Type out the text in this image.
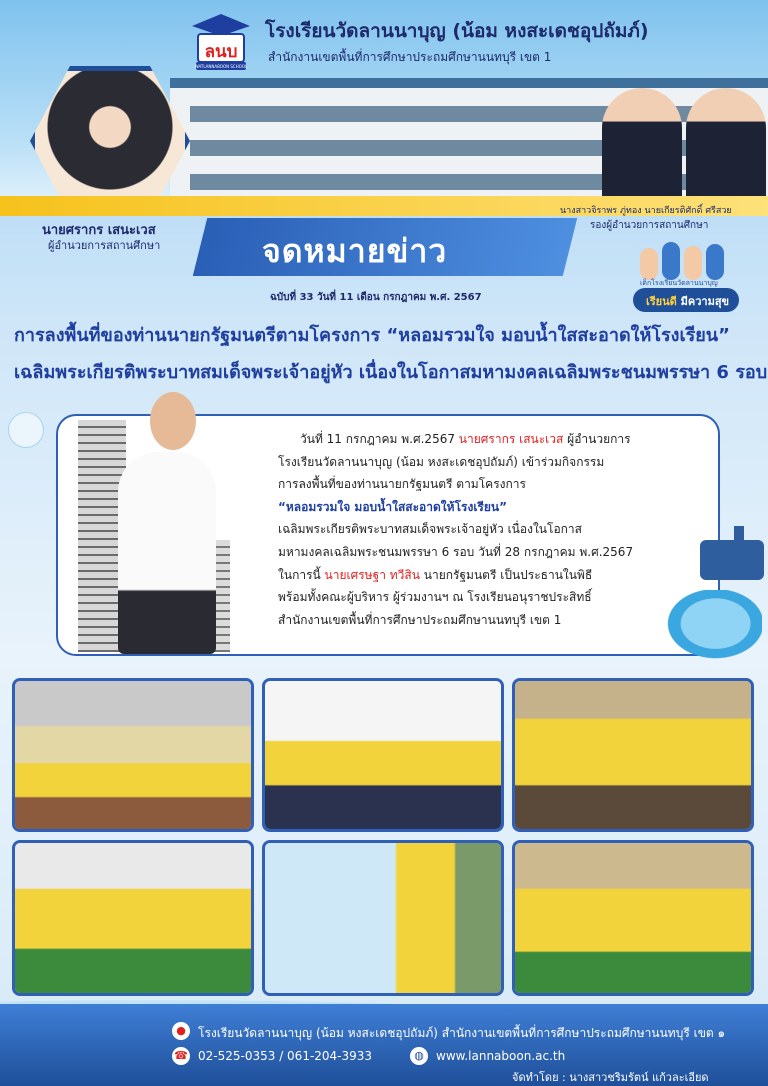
ลนบ
WATLANNABOON SCHOOL
โรงเรียนวัดลานนาบุญ (น้อม หงสะเดชอุปถัมภ์)
สำนักงานเขตพื้นที่การศึกษาประถมศึกษานนทบุรี เขต 1
นายศรากร เสนะเวส
ผู้อำนวยการสถานศึกษา
นางสาวจิราพร ภู่ทอง นายเกียรติศักดิ์ ศรีสวย
รองผู้อำนวยการสถานศึกษา
จดหมายข่าว
ฉบับที่ 33 วันที่ 11 เดือน กรกฎาคม พ.ศ. 2567
เด็กโรงเรียนวัดลานนาบุญ
เรียนดี มีความสุข
การลงพื้นที่ของท่านนายกรัฐมนตรีตามโครงการ “หลอมรวมใจ มอบน้ำใสสะอาดให้โรงเรียน”
เฉลิมพระเกียรติพระบาทสมเด็จพระเจ้าอยู่หัว เนื่องในโอกาสมหามงคลเฉลิมพระชนมพรรษา 6 รอบ
วันที่ 11 กรกฎาคม พ.ศ.2567 นายศรากร เสนะเวส ผู้อำนวยการ
โรงเรียนวัดลานนาบุญ (น้อม หงสะเดชอุปถัมภ์) เข้าร่วมกิจกรรม
การลงพื้นที่ของท่านนายกรัฐมนตรี ตามโครงการ
“หลอมรวมใจ มอบน้ำใสสะอาดให้โรงเรียน”
เฉลิมพระเกียรติพระบาทสมเด็จพระเจ้าอยู่หัว เนื่องในโอกาส
มหามงคลเฉลิมพระชนมพรรษา 6 รอบ วันที่ 28 กรกฎาคม พ.ศ.2567
ในการนี้ นายเศรษฐา ทวีสิน นายกรัฐมนตรี เป็นประธานในพิธี
พร้อมทั้งคณะผู้บริหาร ผู้ร่วมงานฯ ณ โรงเรียนอนุราชประสิทธิ์
สำนักงานเขตพื้นที่การศึกษาประถมศึกษานนทบุรี เขต 1
●	โรงเรียนวัดลานนาบุญ (น้อม หงสะเดชอุปถัมภ์) สำนักงานเขตพื้นที่การศึกษาประถมศึกษานนทบุรี เขต ๑
☎ 02-525-0353 / 061-204-3933	◍	www.lannaboon.ac.th
จัดทำโดย : นางสาวชริมรัตน์ แก้วละเอียด
